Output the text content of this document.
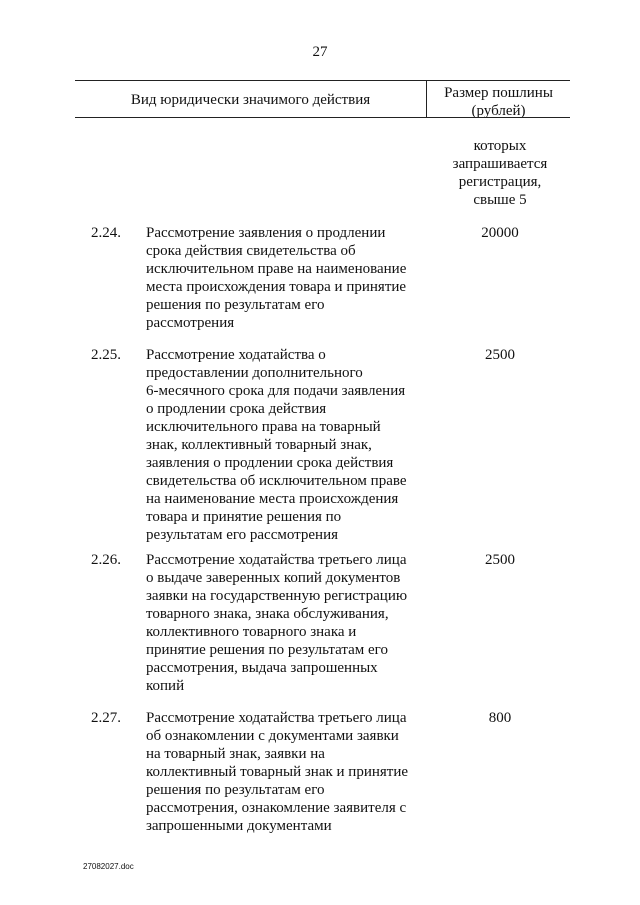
27
Вид юридически значимого действия	Размер пошлины
(рублей)
которых
запрашивается
регистрация,
свыше 5
2.24. Рассмотрение заявления о продлении
срока действия свидетельства об
исключительном праве на наименование
места происхождения товара и принятие
решения по результатам его
рассмотрения
20000
2.25. Рассмотрение ходатайства о
предоставлении дополнительного
6-месячного срока для подачи заявления
о продлении срока действия
исключительного права на товарный
знак, коллективный товарный знак,
заявления о продлении срока действия
свидетельства об исключительном праве
на наименование места происхождения
товара и принятие решения по
результатам его рассмотрения
2500
2.26. Рассмотрение ходатайства третьего лица
о выдаче заверенных копий документов
заявки на государственную регистрацию
товарного знака, знака обслуживания,
коллективного товарного знака и
принятие решения по результатам его
рассмотрения, выдача запрошенных
копий
2500
2.27. Рассмотрение ходатайства третьего лица
об ознакомлении с документами заявки
на товарный знак, заявки на
коллективный товарный знак и принятие
решения по результатам его
рассмотрения, ознакомление заявителя с
запрошенными документами
800
27082027.doc
